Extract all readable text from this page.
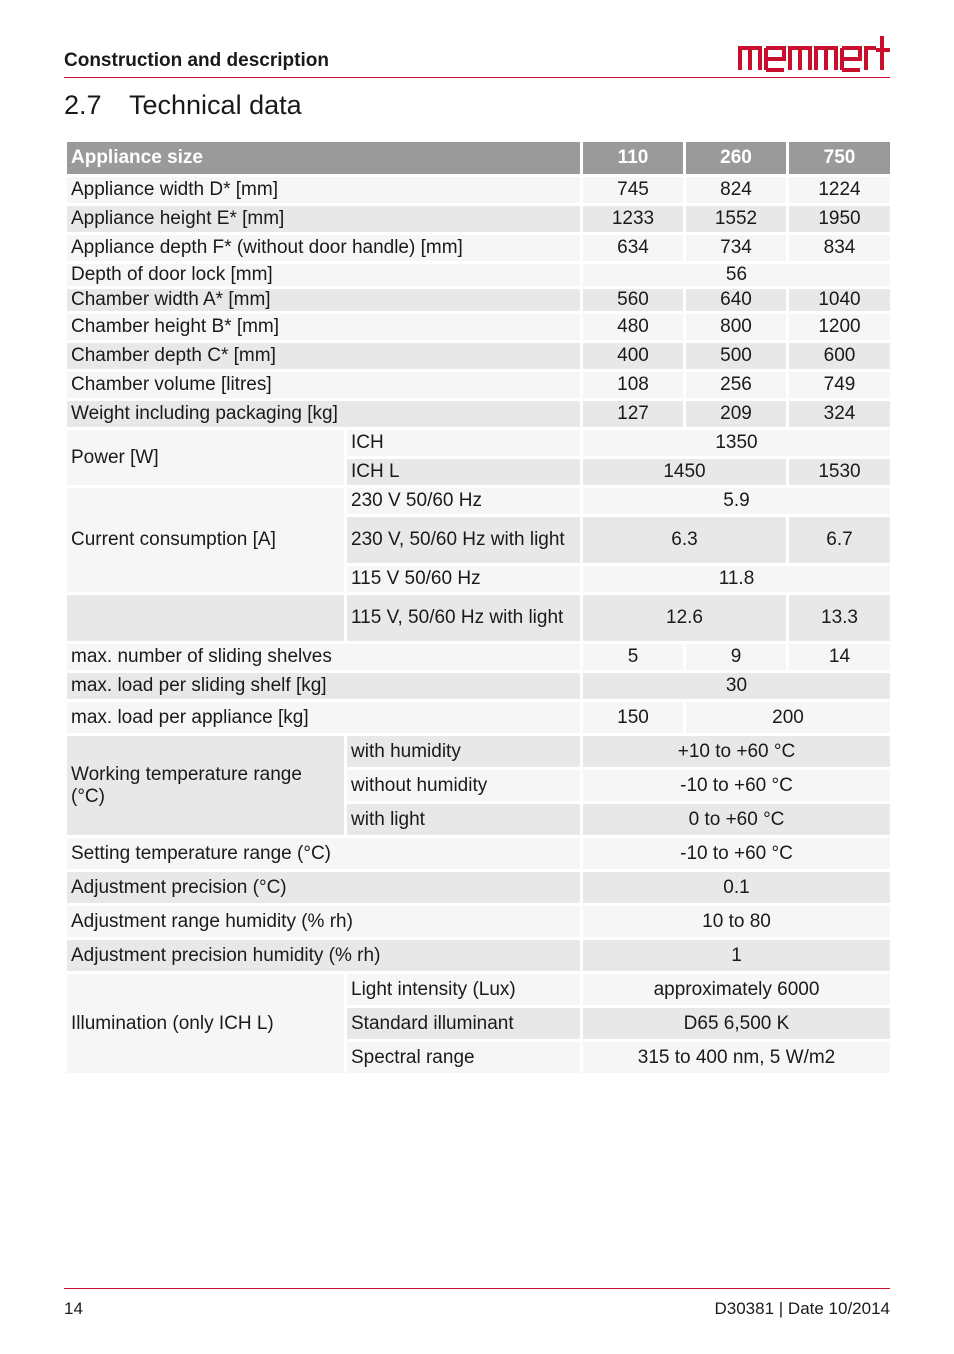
Construction and description
2.7 Technical data
Appliance size		110	260	750
Appliance width D* [mm]		745	824	1224
Appliance height E* [mm]		1233	1552	1950
Appliance depth F* (without door handle) [mm]		634	734	834
Depth of door lock [mm]		56		
Chamber width A* [mm]		560	640	1040
Chamber height B* [mm]		480	800	1200
Chamber depth C* [mm]		400	500	600
Chamber volume [litres]		108	256	749
Weight including packaging [kg]		127	209	324
Power [W]	ICH	1350		
	ICH L	1450		1530
Current consumption [A]	230 V 50/60 Hz	5.9		
	230 V, 50/60 Hz with light	6.3		6.7
	115 V 50/60 Hz	11.8		
	115 V, 50/60 Hz with light	12.6		13.3
max. number of sliding shelves		5	9	14
max. load per sliding shelf [kg]		30		
max. load per appliance [kg]		150	200	
Working temperature range (°C)	with humidity	+10 to +60 °C		
	without humidity	-10 to +60 °C		
	with light	0 to +60 °C		
Setting temperature range (°C)		-10 to +60 °C		
Adjustment precision (°C)		0.1		
Adjustment range humidity (% rh)		10 to 80		
Adjustment precision humidity (% rh)		1		
Illumination (only ICH L)	Light intensity (Lux)	approximately 6000		
	Standard illuminant	D65 6,500 K		
	Spectral range	315 to 400 nm, 5 W/m2		
14	D30381 | Date 10/2014
